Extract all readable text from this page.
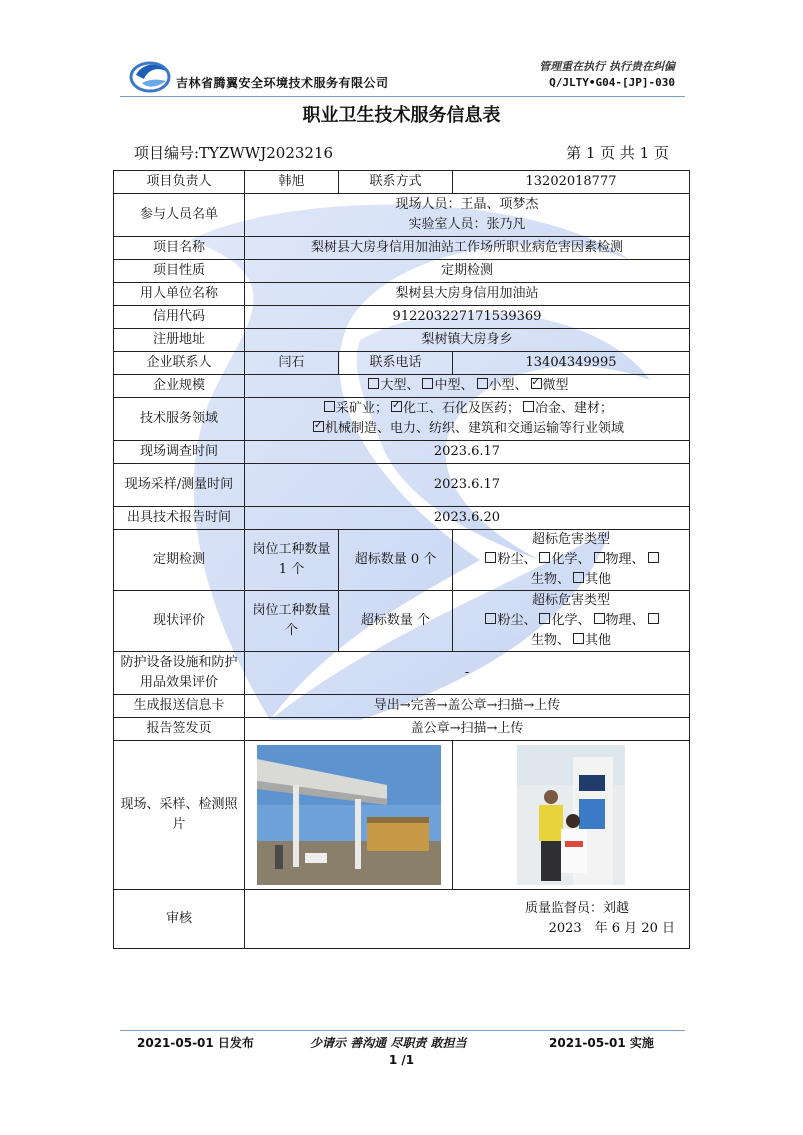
吉林省腾翼安全环境技术服务有限公司
管理重在执行 执行贵在纠偏
Q/JLTY•G04-[JP]-030
职业卫生技术服务信息表
项目编号:TYZWWJ2023216	第 1 页 共 1 页
项目负责人	韩旭	联系方式	13202018777
参与人员名单	现场人员：王晶、项梦杰
实验室人员：张乃凡		

项目名称	梨树县大房身信用加油站工作场所职业病危害因素检测		
项目性质	定期检测		
用人单位名称	梨树县大房身信用加油站		
信用代码	912203227171539369		
注册地址	梨树镇大房身乡		
企业联系人	闫石	联系电话	13404349995
企业规模	大型、 中型、 小型、 ✓ 微型
技术服务领域	采矿业； ✓ 化工、石化及医药； 冶金、建材；
✓机械制造、电力、纺织、建筑和交通运输等行业领域

现场调查时间	2023.6.17		
现场采样/测量时间	2023.6.17		
出具技术报告时间	2023.6.20		
定期检测	岗位工种数量 1 个	超标数量 0 个	超标危害类型
粉尘、 化学、 物理、
生物、 其他

现状评价	岗位工种数量 个	超标数量 个	超标危害类型
粉尘、 化学、 物理、
生物、 其他

防护设备设施和防护用品效果评价	-		
生成报送信息卡	导出→完善→盖公章→扫描→上传		
报告签发页	盖公章→扫描→上传		
现场、采样、检测照片	

审核	质量监督员：刘越
2023　年 6 月 20 日		
2021-05-01 日发布	少请示 善沟通 尽职责 敢担当	2021-05-01 实施
1 /1
